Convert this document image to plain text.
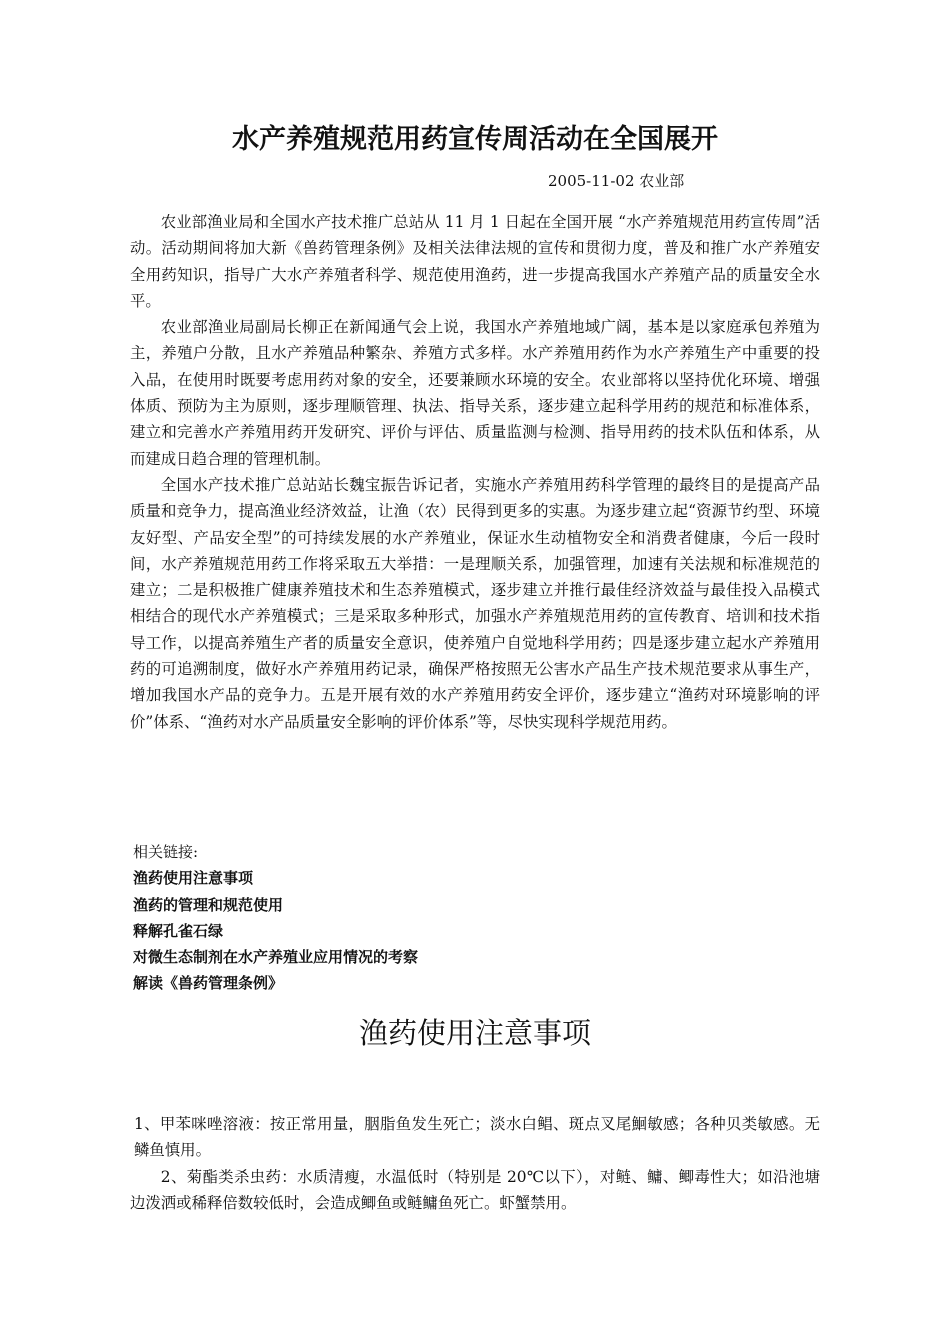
水产养殖规范用药宣传周活动在全国展开
2005-11-02 农业部

农业部渔业局和全国水产技术推广总站从 11 月 1 日起在全国开展 “水产养殖规范用药宣传周”活动。活动期间将加大新《兽药管理条例》及相关法律法规的宣传和贯彻力度，普及和推广水产养殖安全用药知识，指导广大水产养殖者科学、规范使用渔药，进一步提高我国水产养殖产品的质量安全水平。

农业部渔业局副局长柳正在新闻通气会上说，我国水产养殖地域广阔，基本是以家庭承包养殖为主，养殖户分散，且水产养殖品种繁杂、养殖方式多样。水产养殖用药作为水产养殖生产中重要的投入品，在使用时既要考虑用药对象的安全，还要兼顾水环境的安全。农业部将以坚持优化环境、增强体质、预防为主为原则，逐步理顺管理、执法、指导关系，逐步建立起科学用药的规范和标准体系，建立和完善水产养殖用药开发研究、评价与评估、质量监测与检测、指导用药的技术队伍和体系，从而建成日趋合理的管理机制。

全国水产技术推广总站站长魏宝振告诉记者，实施水产养殖用药科学管理的最终目的是提高产品质量和竞争力，提高渔业经济效益，让渔（农）民得到更多的实惠。为逐步建立起“资源节约型、环境友好型、产品安全型”的可持续发展的水产养殖业，保证水生动植物安全和消费者健康，今后一段时间，水产养殖规范用药工作将采取五大举措：一是理顺关系，加强管理，加速有关法规和标准规范的建立；二是积极推广健康养殖技术和生态养殖模式，逐步建立并推行最佳经济效益与最佳投入品模式相结合的现代水产养殖模式；三是采取多种形式，加强水产养殖规范用药的宣传教育、培训和技术指导工作，以提高养殖生产者的质量安全意识，使养殖户自觉地科学用药；四是逐步建立起水产养殖用药的可追溯制度，做好水产养殖用药记录，确保严格按照无公害水产品生产技术规范要求从事生产，增加我国水产品的竞争力。五是开展有效的水产养殖用药安全评价，逐步建立“渔药对环境影响的评价”体系、“渔药对水产品质量安全影响的评价体系”等，尽快实现科学规范用药。

相关链接:
渔药使用注意事项
渔药的管理和规范使用
释解孔雀石绿
对微生态制剂在水产养殖业应用情况的考察
解读《兽药管理条例》
渔药使用注意事项

1、甲苯咪唑溶液：按正常用量，胭脂鱼发生死亡；淡水白鲳、斑点叉尾鮰敏感；各种贝类敏感。无鳞鱼慎用。

2、菊酯类杀虫药：水质清瘦，水温低时（特别是 20℃以下），对鲢、鳙、鲫毒性大；如沿池塘边泼洒或稀释倍数较低时，会造成鲫鱼或鲢鳙鱼死亡。虾蟹禁用。
